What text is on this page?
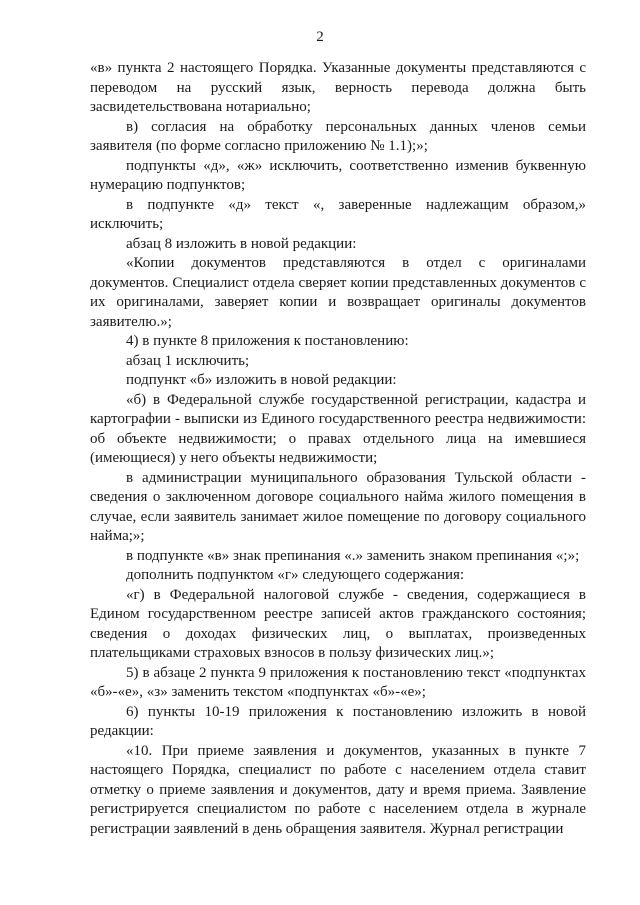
2

«в» пункта 2 настоящего Порядка. Указанные документы представляются с переводом на русский язык, верность перевода должна быть засвидетельствована нотариально;

в) согласия на обработку персональных данных членов семьи заявителя (по форме согласно приложению № 1.1);»;

подпункты «д», «ж» исключить, соответственно изменив буквенную нумерацию подпунктов;

в подпункте «д» текст «, заверенные надлежащим образом,» исключить;

абзац 8 изложить в новой редакции:

«Копии документов представляются в отдел с оригиналами документов. Специалист отдела сверяет копии представленных документов с их оригиналами, заверяет копии и возвращает оригиналы документов заявителю.»;

4) в пункте 8 приложения к постановлению:

абзац 1 исключить;

подпункт «б» изложить в новой редакции:

«б) в Федеральной службе государственной регистрации, кадастра и картографии - выписки из Единого государственного реестра недвижимости: об объекте недвижимости; о правах отдельного лица на имевшиеся (имеющиеся) у него объекты недвижимости;

в администрации муниципального образования Тульской области - сведения о заключенном договоре социального найма жилого помещения в случае, если заявитель занимает жилое помещение по договору социального найма;»;

в подпункте «в» знак препинания «.» заменить знаком препинания «;»;

дополнить подпунктом «г» следующего содержания:

«г) в Федеральной налоговой службе - сведения, содержащиеся в Едином государственном реестре записей актов гражданского состояния; сведения о доходах физических лиц, о выплатах, произведенных плательщиками страховых взносов в пользу физических лиц.»;

5) в абзаце 2 пункта 9 приложения к постановлению текст «подпунктах «б»-«е», «з» заменить текстом «подпунктах «б»-«е»;

6) пункты 10-19 приложения к постановлению изложить в новой редакции:

«10. При приеме заявления и документов, указанных в пункте 7 настоящего Порядка, специалист по работе с населением отдела ставит отметку о приеме заявления и документов, дату и время приема. Заявление регистрируется специалистом по работе с населением отдела в журнале регистрации заявлений в день обращения заявителя. Журнал регистрации
